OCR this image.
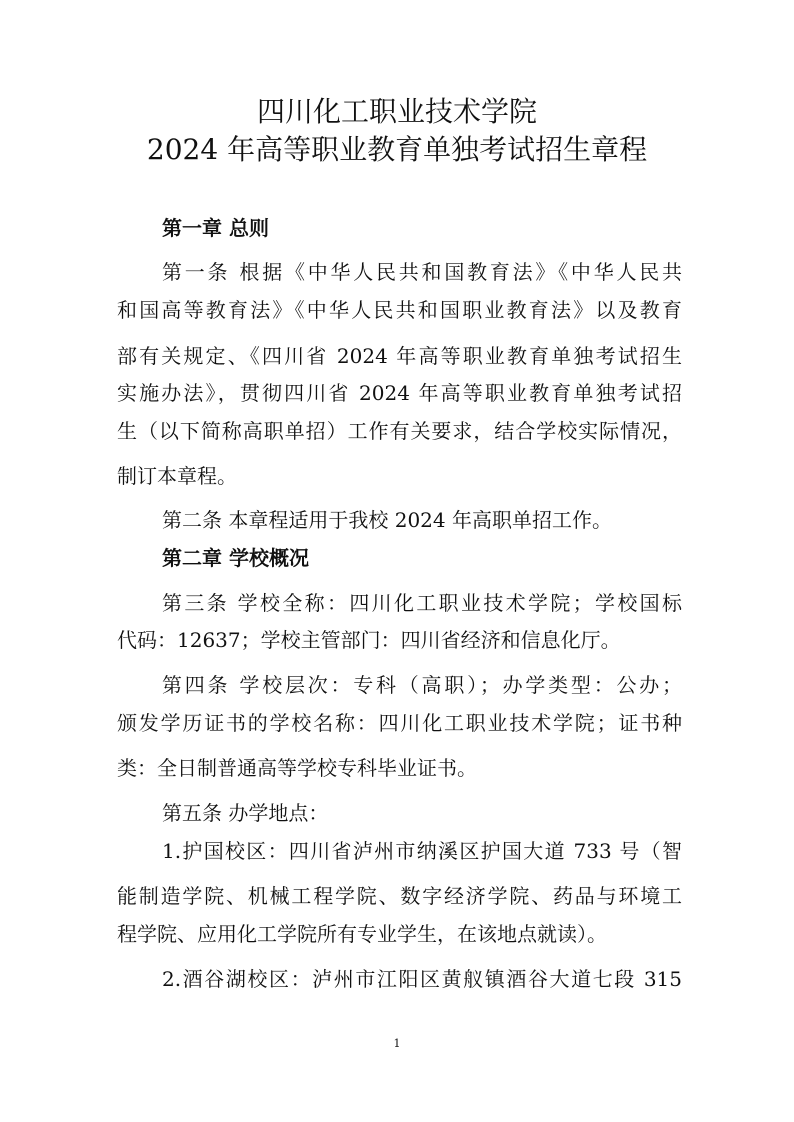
四川化工职业技术学院
2024 年高等职业教育单独考试招生章程
第一章 总则
第一条 根据《中华人民共和国教育法》《中华人民共
和国高等教育法》《中华人民共和国职业教育法》以及教育
部有关规定、《四川省 2024 年高等职业教育单独考试招生
实施办法》，贯彻四川省 2024 年高等职业教育单独考试招
生（以下简称高职单招）工作有关要求，结合学校实际情况，
制订本章程。
第二条 本章程适用于我校 2024 年高职单招工作。
第二章 学校概况
第三条 学校全称：四川化工职业技术学院；学校国标
代码：12637；学校主管部门：四川省经济和信息化厅。
第四条 学校层次：专科（高职）；办学类型：公办；
颁发学历证书的学校名称：四川化工职业技术学院；证书种
类：全日制普通高等学校专科毕业证书。
第五条 办学地点：
1.护国校区：四川省泸州市纳溪区护国大道 733 号（智
能制造学院、机械工程学院、数字经济学院、药品与环境工
程学院、应用化工学院所有专业学生，在该地点就读）。
2.酒谷湖校区：泸州市江阳区黄舣镇酒谷大道七段 315
1
